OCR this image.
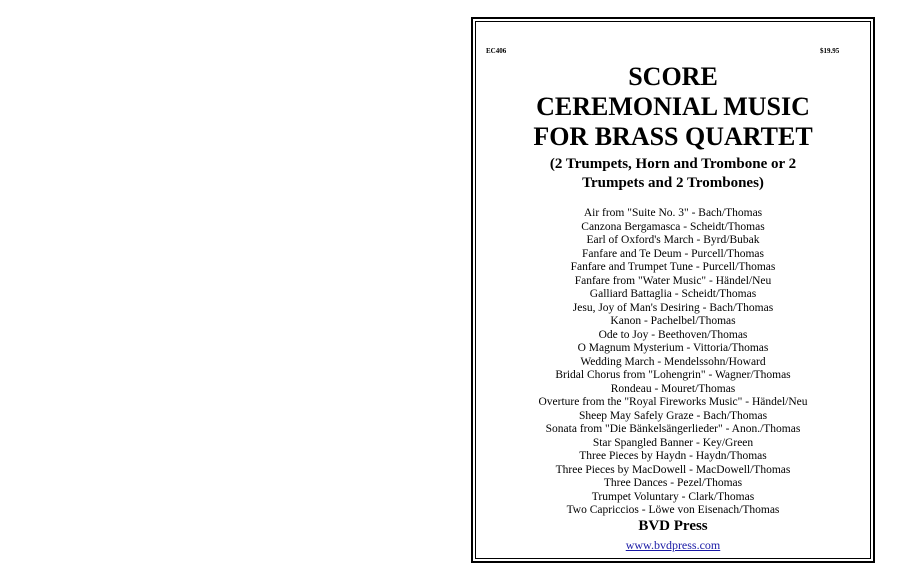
EC406	$19.95

SCORE

CEREMONIAL MUSIC

FOR BRASS QUARTET

(2 Trumpets, Horn and Trombone or 2
Trumpets and 2 Trombones)
Air from "Suite No. 3" - Bach/Thomas
Canzona Bergamasca - Scheidt/Thomas
Earl of Oxford's March - Byrd/Bubak
Fanfare and Te Deum - Purcell/Thomas
Fanfare and Trumpet Tune - Purcell/Thomas
Fanfare from "Water Music" - Händel/Neu
Galliard Battaglia - Scheidt/Thomas
Jesu, Joy of Man's Desiring - Bach/Thomas
Kanon - Pachelbel/Thomas
Ode to Joy - Beethoven/Thomas
O Magnum Mysterium - Vittoria/Thomas
Wedding March - Mendelssohn/Howard
Bridal Chorus from "Lohengrin" - Wagner/Thomas
Rondeau - Mouret/Thomas
Overture from the "Royal Fireworks Music" - Händel/Neu
Sheep May Safely Graze - Bach/Thomas
Sonata from "Die Bänkelsängerlieder" - Anon./Thomas
Star Spangled Banner - Key/Green
Three Pieces by Haydn - Haydn/Thomas
Three Pieces by MacDowell - MacDowell/Thomas
Three Dances - Pezel/Thomas
Trumpet Voluntary - Clark/Thomas
Two Capriccios - Löwe von Eisenach/Thomas
BVD Press
www.bvdpress.com
